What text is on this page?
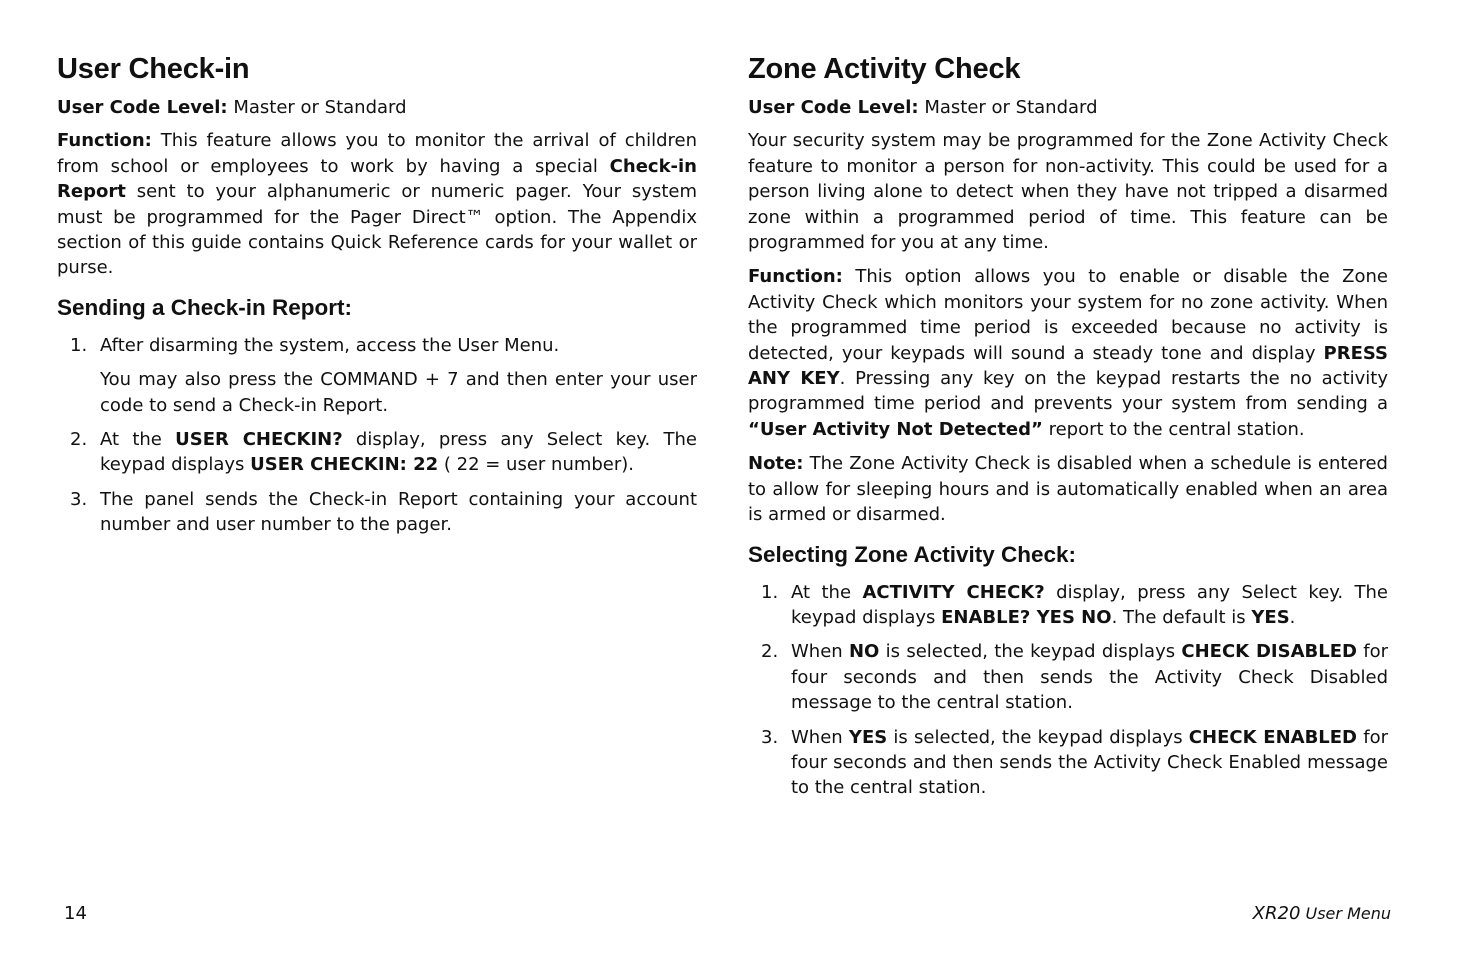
User Check-in

User Code Level: Master or Standard

Function: This feature allows you to monitor the arrival of children from school or employees to work by having a special Check-in Report sent to your alphanumeric or numeric pager. Your system must be programmed for the Pager Direct™ option. The Appendix section of this guide contains Quick Reference cards for your wallet or purse.

Sending a Check-in Report:
1. After disarming the system, access the User Menu.

You may also press the COMMAND + 7 and then enter your user code to send a Check-in Report.

2. At the USER CHECKIN? display, press any Select key. The keypad displays USER CHECKIN: 22 ( 22 = user number).

3. The panel sends the Check-in Report containing your account number and user number to the pager.

Zone Activity Check

User Code Level: Master or Standard

Your security system may be programmed for the Zone Activity Check feature to monitor a person for non-activity. This could be used for a person living alone to detect when they have not tripped a disarmed zone within a programmed period of time. This feature can be programmed for you at any time.

Function: This option allows you to enable or disable the Zone Activity Check which monitors your system for no zone activity. When the programmed time period is exceeded because no activity is detected, your keypads will sound a steady tone and display PRESS ANY KEY. Pressing any key on the keypad restarts the no activity programmed time period and prevents your system from sending a “User Activity Not Detected” report to the central station.

Note: The Zone Activity Check is disabled when a schedule is entered to allow for sleeping hours and is automatically enabled when an area is armed or disarmed.

Selecting Zone Activity Check:
1. At the ACTIVITY CHECK? display, press any Select key. The keypad displays ENABLE? YES NO. The default is YES.

2. When NO is selected, the keypad displays CHECK DISABLED for four seconds and then sends the Activity Check Disabled message to the central station.

3. When YES is selected, the keypad displays CHECK ENABLED for four seconds and then sends the Activity Check Enabled message to the central station.

14	XR20 User Menu
